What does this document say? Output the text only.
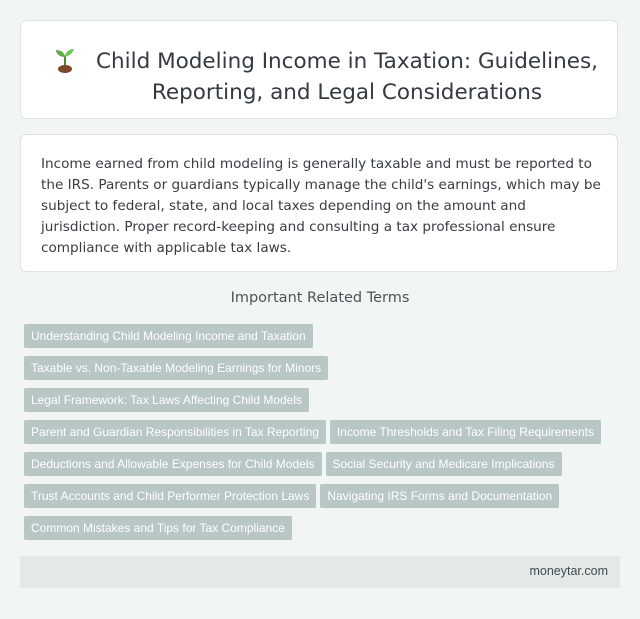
Child Modeling Income in Taxation: Guidelines, Reporting, and Legal Considerations

Income earned from child modeling is generally taxable and must be reported to the IRS. Parents or guardians typically manage the child's earnings, which may be subject to federal, state, and local taxes depending on the amount and jurisdiction. Proper record-keeping and consulting a tax professional ensure compliance with applicable tax laws.

Important Related Terms
Understanding Child Modeling Income and Taxation
Taxable vs. Non-Taxable Modeling Earnings for Minors
Legal Framework: Tax Laws Affecting Child Models
Parent and Guardian Responsibilities in Tax Reporting Income Thresholds and Tax Filing Requirements
Deductions and Allowable Expenses for Child Models Social Security and Medicare Implications
Trust Accounts and Child Performer Protection Laws Navigating IRS Forms and Documentation
Common Mistakes and Tips for Tax Compliance
moneytar.com
